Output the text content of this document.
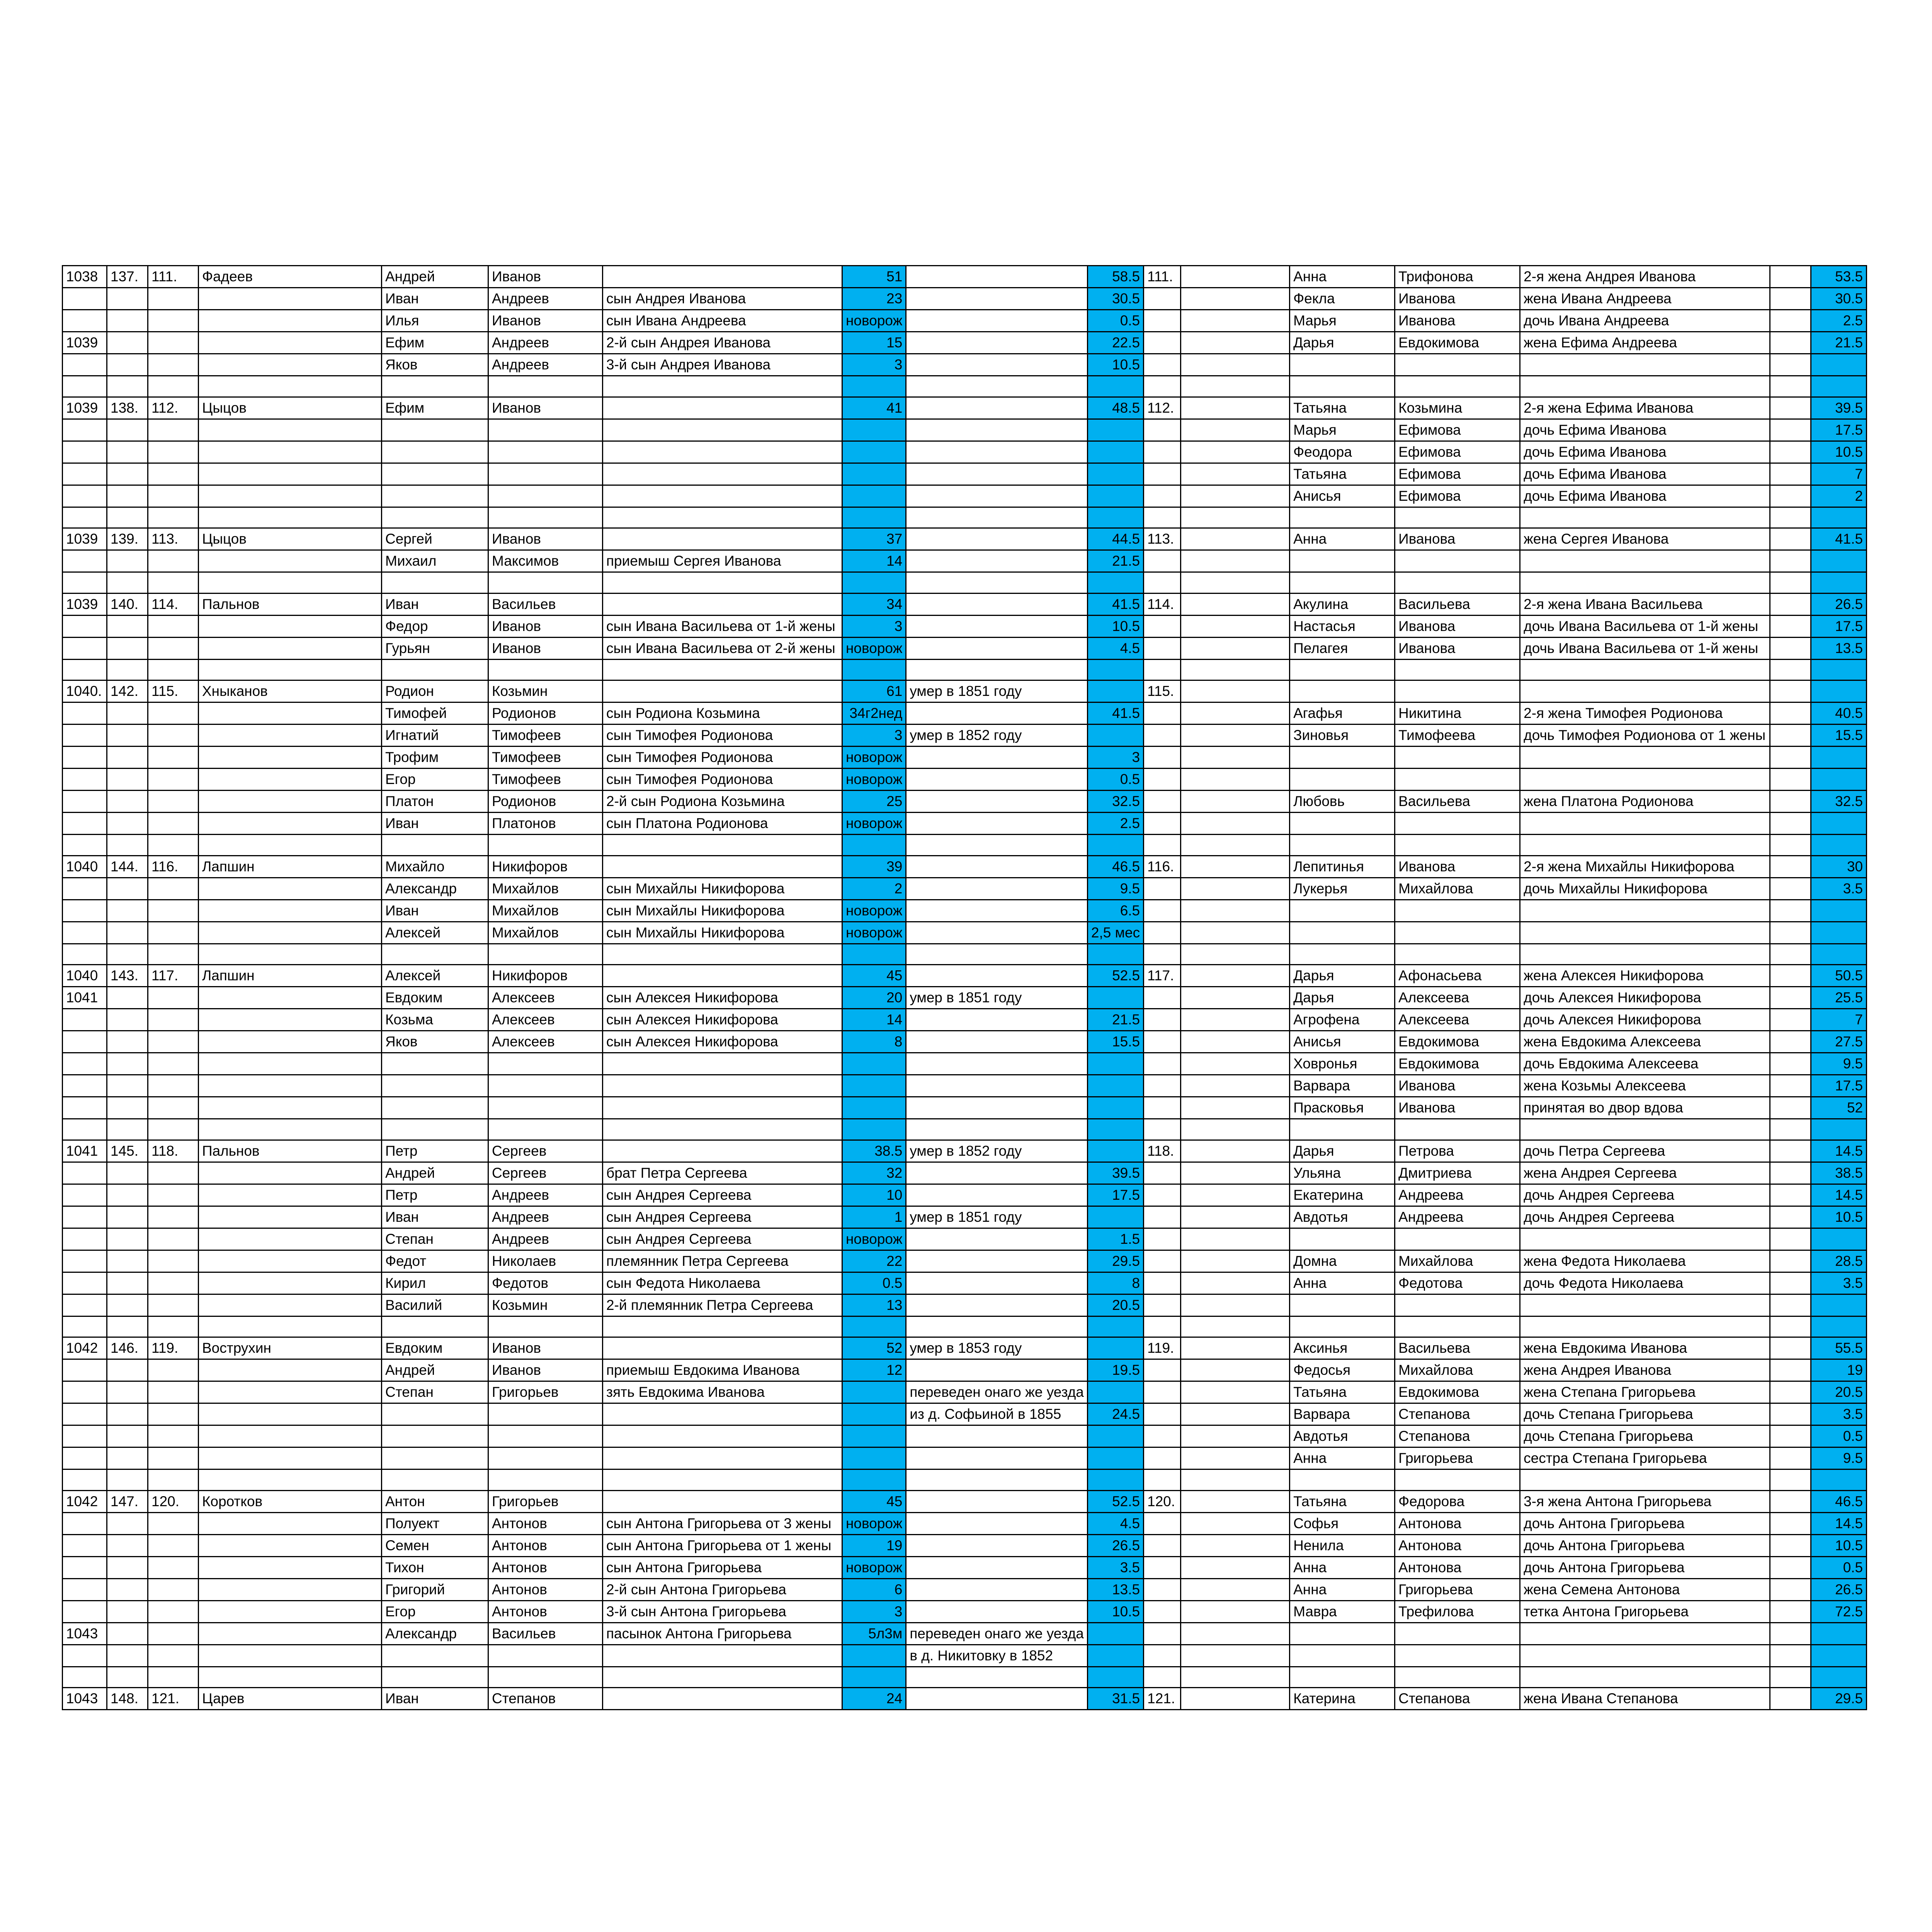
1038	137.	111.	Фадеев	Андрей	Иванов		51		58.5	111.		Анна	Трифонова	2-я жена Андрея Иванова		53.5
				Иван	Андреев	сын Андрея Иванова	23		30.5			Фекла	Иванова	жена Ивана Андреева		30.5
				Илья	Иванов	сын Ивана Андреева	новорож		0.5			Марья	Иванова	дочь Ивана Андреева		2.5
1039				Ефим	Андреев	2-й сын Андрея Иванова	15		22.5			Дарья	Евдокимова	жена Ефима Андреева		21.5
				Яков	Андреев	3-й сын Андрея Иванова	3		10.5							

1039	138.	112.	Цыцов	Ефим	Иванов		41		48.5	112.		Татьяна	Козьмина	2-я жена Ефима Иванова		39.5
												Марья	Ефимова	дочь Ефима Иванова		17.5
												Феодора	Ефимова	дочь Ефима Иванова		10.5
												Татьяна	Ефимова	дочь Ефима Иванова		7
												Анисья	Ефимова	дочь Ефима Иванова		2

1039	139.	113.	Цыцов	Сергей	Иванов		37		44.5	113.		Анна	Иванова	жена Сергея Иванова		41.5
				Михаил	Максимов	приемыш Сергея Иванова	14		21.5							

1039	140.	114.	Пальнов	Иван	Васильев		34		41.5	114.		Акулина	Васильева	2-я жена Ивана Васильева		26.5
				Федор	Иванов	сын Ивана Васильева от 1-й жены	3		10.5			Настасья	Иванова	дочь Ивана Васильева от 1-й жены		17.5
				Гурьян	Иванов	сын Ивана Васильева от 2-й жены	новорож		4.5			Пелагея	Иванова	дочь Ивана Васильева от 1-й жены		13.5

1040.	142.	115.	Хныканов	Родион	Козьмин		61	умер в 1851 году		115.						
				Тимофей	Родионов	сын Родиона Козьмина	34г2нед		41.5			Агафья	Никитина	2-я жена Тимофея Родионова		40.5
				Игнатий	Тимофеев	сын Тимофея Родионова	3	умер в 1852 году				Зиновья	Тимофеева	дочь Тимофея Родионова от 1 жены		15.5
				Трофим	Тимофеев	сын Тимофея Родионова	новорож		3							
				Егор	Тимофеев	сын Тимофея Родионова	новорож		0.5							
				Платон	Родионов	2-й сын Родиона Козьмина	25		32.5			Любовь	Васильева	жена Платона Родионова		32.5
				Иван	Платонов	сын Платона Родионова	новорож		2.5							

1040	144.	116.	Лапшин	Михайло	Никифоров		39		46.5	116.		Лепитинья	Иванова	2-я жена Михайлы Никифорова		30
				Александр	Михайлов	сын Михайлы Никифорова	2		9.5			Лукерья	Михайлова	дочь Михайлы Никифорова		3.5
				Иван	Михайлов	сын Михайлы Никифорова	новорож		6.5							
				Алексей	Михайлов	сын Михайлы Никифорова	новорож		2,5 мес							

1040	143.	117.	Лапшин	Алексей	Никифоров		45		52.5	117.		Дарья	Афонасьева	жена Алексея Никифорова		50.5
1041				Евдоким	Алексеев	сын Алексея Никифорова	20	умер в 1851 году				Дарья	Алексеева	дочь Алексея Никифорова		25.5
				Козьма	Алексеев	сын Алексея Никифорова	14		21.5			Агрофена	Алексеева	дочь Алексея Никифорова		7
				Яков	Алексеев	сын Алексея Никифорова	8		15.5			Анисья	Евдокимова	жена Евдокима Алексеева		27.5
												Ховронья	Евдокимова	дочь Евдокима Алексеева		9.5
												Варвара	Иванова	жена Козьмы Алексеева		17.5
												Прасковья	Иванова	принятая во двор вдова		52

1041	145.	118.	Пальнов	Петр	Сергеев		38.5	умер в 1852 году		118.		Дарья	Петрова	дочь Петра Сергеева		14.5
				Андрей	Сергеев	брат Петра Сергеева	32		39.5			Ульяна	Дмитриева	жена Андрея Сергеева		38.5
				Петр	Андреев	сын Андрея Сергеева	10		17.5			Екатерина	Андреева	дочь Андрея Сергеева		14.5
				Иван	Андреев	сын Андрея Сергеева	1	умер в 1851 году				Авдотья	Андреева	дочь Андрея Сергеева		10.5
				Степан	Андреев	сын Андрея Сергеева	новорож		1.5							
				Федот	Николаев	племянник Петра Сергеева	22		29.5			Домна	Михайлова	жена Федота Николаева		28.5
				Кирил	Федотов	сын Федота Николаева	0.5		8			Анна	Федотова	дочь Федота Николаева		3.5
				Василий	Козьмин	2-й племянник Петра Сергеева	13		20.5							

1042	146.	119.	Вострухин	Евдоким	Иванов		52	умер в 1853 году		119.		Аксинья	Васильева	жена Евдокима Иванова		55.5
				Андрей	Иванов	приемыш Евдокима Иванова	12		19.5			Федосья	Михайлова	жена Андрея Иванова		19
				Степан	Григорьев	зять Евдокима Иванова		переведен онаго же уезда				Татьяна	Евдокимова	жена Степана Григорьева		20.5
								из д. Софьиной в 1855	24.5			Варвара	Степанова	дочь Степана Григорьева		3.5
												Авдотья	Степанова	дочь Степана Григорьева		0.5
												Анна	Григорьева	сестра Степана Григорьева		9.5

1042	147.	120.	Коротков	Антон	Григорьев		45		52.5	120.		Татьяна	Федорова	3-я жена Антона Григорьева		46.5
				Полуект	Антонов	сын Антона Григорьева от 3 жены	новорож		4.5			Софья	Антонова	дочь Антона Григорьева		14.5
				Семен	Антонов	сын Антона Григорьева от 1 жены	19		26.5			Ненила	Антонова	дочь Антона Григорьева		10.5
				Тихон	Антонов	сын Антона Григорьева	новорож		3.5			Анна	Антонова	дочь Антона Григорьева		0.5
				Григорий	Антонов	2-й сын Антона Григорьева	6		13.5			Анна	Григорьева	жена Семена Антонова		26.5
				Егор	Антонов	3-й сын Антона Григорьева	3		10.5			Мавра	Трефилова	тетка Антона Григорьева		72.5
1043				Александр	Васильев	пасынок Антона Григорьева	5л3м	переведен онаго же уезда								
								в д. Никитовку в 1852								

1043	148.	121.	Царев	Иван	Степанов		24		31.5	121.		Катерина	Степанова	жена Ивана Степанова		29.5
